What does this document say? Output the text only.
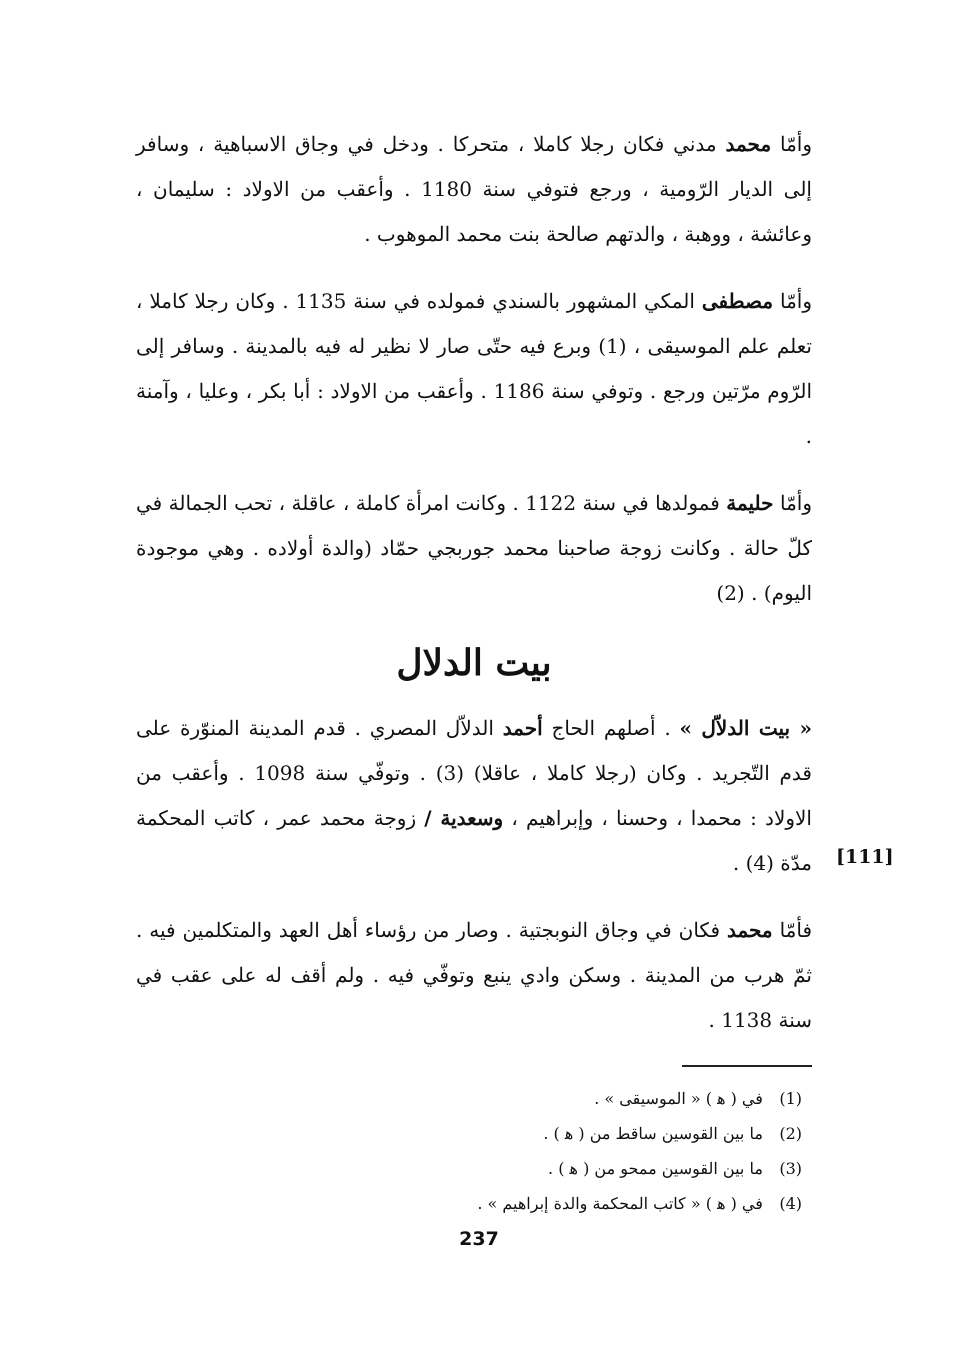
وأمّا محمد مدني فكان رجلا كاملا ، متحركا . ودخل في وجاق الاسباهية ، وسافر إلى الديار الرّومية ، ورجع فتوفي سنة 1180 . وأعقب من الاولاد : سليمان ، وعائشة ، ووهبة ، والدتهم صالحة بنت محمد الموهوب .

وأمّا مصطفى المكي المشهور بالسندي فمولده في سنة 1135 . وكان رجلا كاملا ، تعلم علم الموسيقى ، (1) وبرع فيه حتّى صار لا نظير له فيه بالمدينة . وسافر إلى الرّوم مرّتين ورجع . وتوفي سنة 1186 . وأعقب من الاولاد : أبا بكر ، وعليا ، وآمنة .

وأمّا حليمة فمولدها في سنة 1122 . وكانت امرأة كاملة ، عاقلة ، تحب الجمالة في كلّ حالة . وكانت زوجة صاحبنا محمد جوربجي حمّاد (والدة أولاده . وهي موجودة اليوم) . (2)

بيت الدلال

« بيت الدلاّل » . أصلهم الحاج أحمد الدلاّل المصري . قدم المدينة المنوّرة على قدم التّجريد . وكان (رجلا كاملا ، عاقلا) (3) . وتوفّي سنة 1098 . وأعقب من الاولاد : محمدا ، وحسنا ، وإبراهيم ، وسعدية / زوجة محمد عمر ، كاتب المحكمة مدّة (4) .

فأمّا محمد فكان في وجاق النوبجتية . وصار من رؤساء أهل العهد والمتكلمين فيه . ثمّ هرب من المدينة . وسكن وادي ينبع وتوفّي فيه . ولم أقف له على عقب في سنة 1138 .

(1) في ( ﻫ ) « الموسيقى » .
(2) ما بين القوسين ساقط من ( ﻫ ) .
(3) ما بين القوسين ممحو من ( ﻫ ) .
(4) في ( ﻫ ) « كاتب المحكمة والدة إبراهيم » .
[111]
237
